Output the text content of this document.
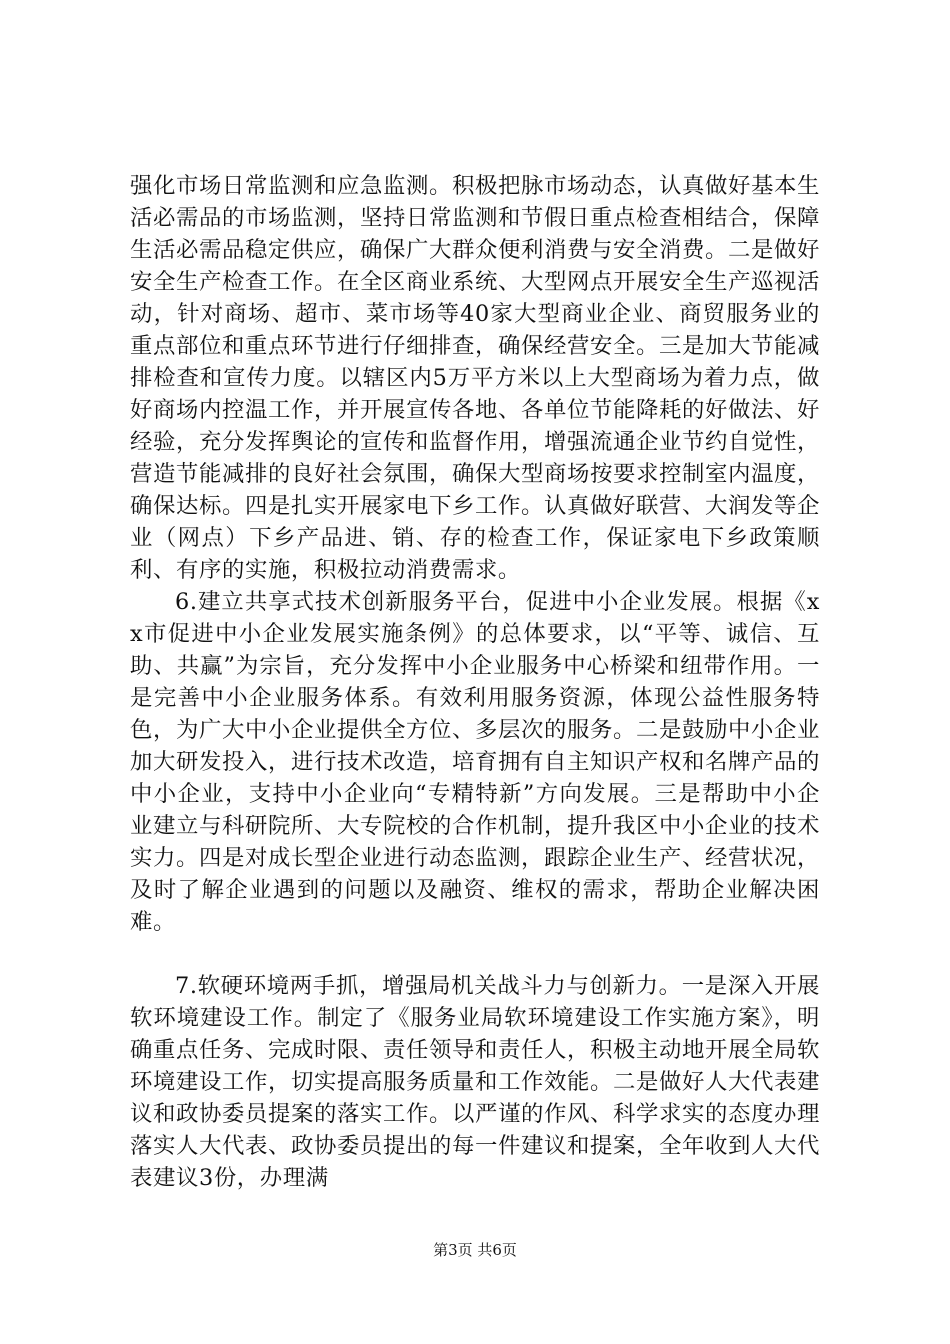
强化市场日常监测和应急监测。积极把脉市场动态，认真做好基本生活必需品的市场监测，坚持日常监测和节假日重点检查相结合，保障生活必需品稳定供应，确保广大群众便利消费与安全消费。二是做好安全生产检查工作。在全区商业系统、大型网点开展安全生产巡视活动，针对商场、超市、菜市场等40家大型商业企业、商贸服务业的重点部位和重点环节进行仔细排查，确保经营安全。三是加大节能减排检查和宣传力度。以辖区内5万平方米以上大型商场为着力点，做好商场内控温工作，并开展宣传各地、各单位节能降耗的好做法、好经验，充分发挥舆论的宣传和监督作用，增强流通企业节约自觉性，营造节能减排的良好社会氛围，确保大型商场按要求控制室内温度，确保达标。四是扎实开展家电下乡工作。认真做好联营、大润发等企业（网点）下乡产品进、销、存的检查工作，保证家电下乡政策顺利、有序的实施，积极拉动消费需求。

6.建立共享式技术创新服务平台，促进中小企业发展。根据《xx市促进中小企业发展实施条例》的总体要求，以“平等、诚信、互助、共赢”为宗旨，充分发挥中小企业服务中心桥梁和纽带作用。一是完善中小企业服务体系。有效利用服务资源，体现公益性服务特色，为广大中小企业提供全方位、多层次的服务。二是鼓励中小企业加大研发投入，进行技术改造，培育拥有自主知识产权和名牌产品的中小企业，支持中小企业向“专精特新”方向发展。三是帮助中小企业建立与科研院所、大专院校的合作机制，提升我区中小企业的技术实力。四是对成长型企业进行动态监测，跟踪企业生产、经营状况，及时了解企业遇到的问题以及融资、维权的需求，帮助企业解决困难。

7.软硬环境两手抓，增强局机关战斗力与创新力。一是深入开展软环境建设工作。制定了《服务业局软环境建设工作实施方案》，明确重点任务、完成时限、责任领导和责任人，积极主动地开展全局软环境建设工作，切实提高服务质量和工作效能。二是做好人大代表建议和政协委员提案的落实工作。以严谨的作风、科学求实的态度办理落实人大代表、政协委员提出的每一件建议和提案，全年收到人大代表建议3份，办理满

第3页 共6页
